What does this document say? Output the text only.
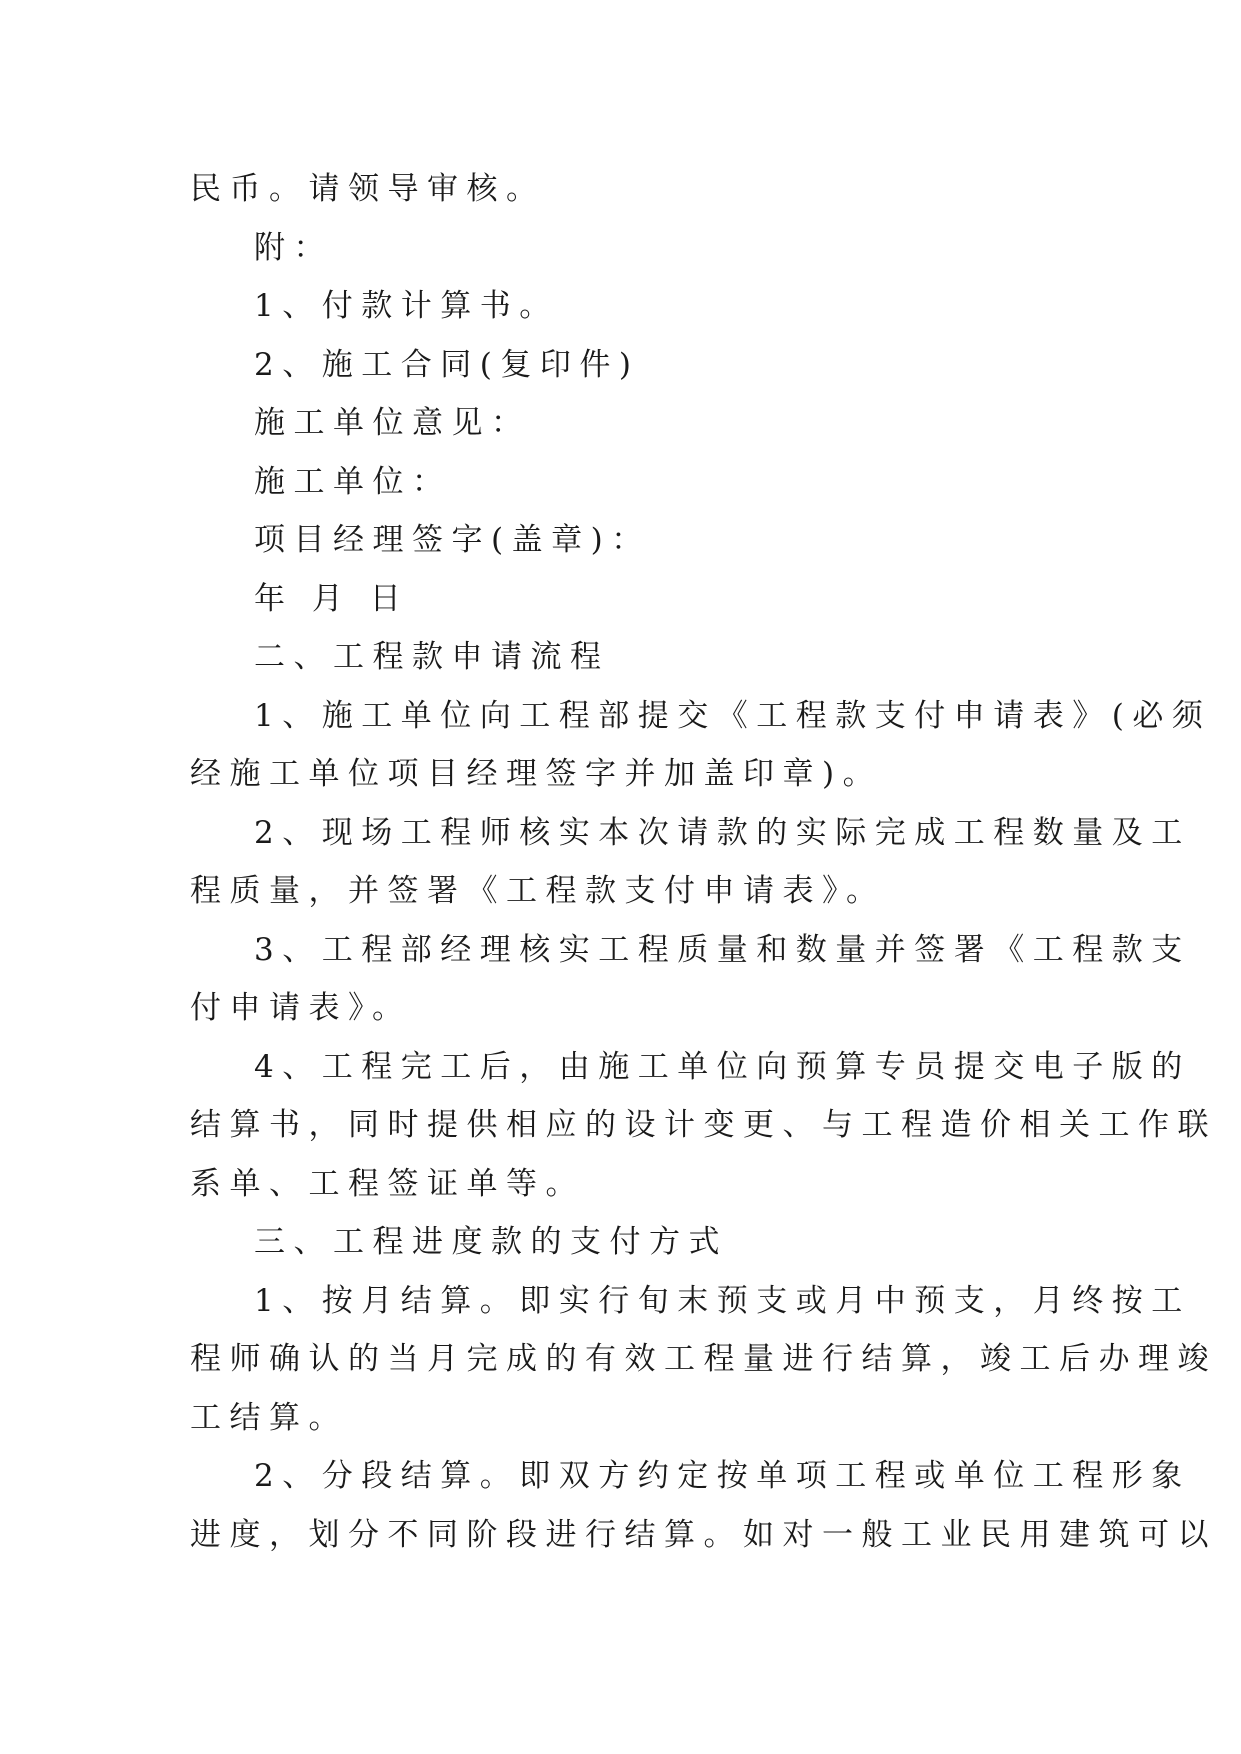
民币。请领导审核。
附：
1、付款计算书。
2、施工合同(复印件)
施工单位意见：
施工单位：
项目经理签字(盖章)：
年 月 日
二、工程款申请流程
1、施工单位向工程部提交《工程款支付申请表》(必须
经施工单位项目经理签字并加盖印章)。
2、现场工程师核实本次请款的实际完成工程数量及工
程质量，并签署《工程款支付申请表》。
3、工程部经理核实工程质量和数量并签署《工程款支
付申请表》。
4、工程完工后，由施工单位向预算专员提交电子版的
结算书，同时提供相应的设计变更、与工程造价相关工作联
系单、工程签证单等。
三、工程进度款的支付方式
1、按月结算。即实行旬末预支或月中预支，月终按工
程师确认的当月完成的有效工程量进行结算，竣工后办理竣
工结算。
2、分段结算。即双方约定按单项工程或单位工程形象
进度，划分不同阶段进行结算。如对一般工业民用建筑可以
